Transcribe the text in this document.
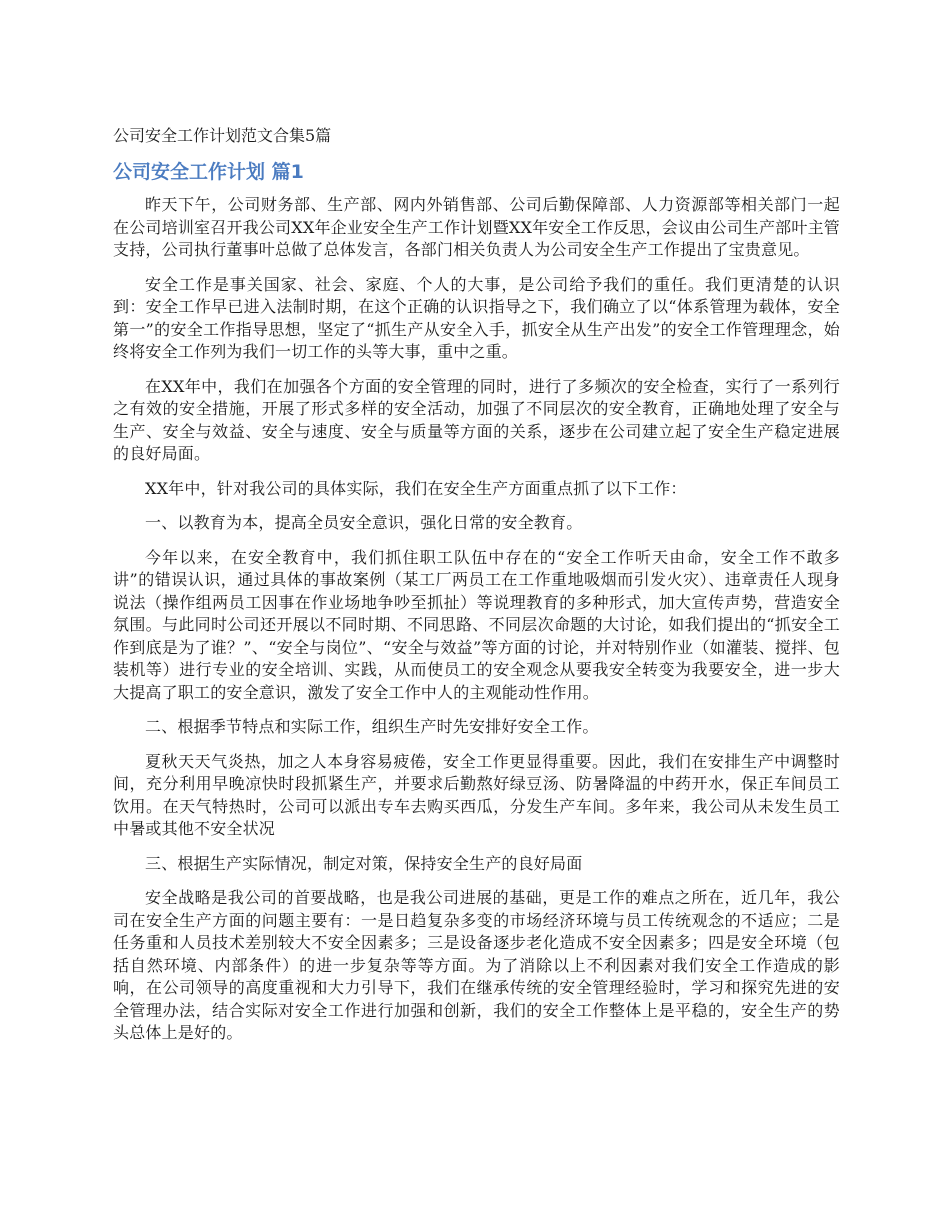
公司安全工作计划范文合集5篇
公司安全工作计划 篇1

昨天下午，公司财务部、生产部、网内外销售部、公司后勤保障部、人力资源部等相关部门一起在公司培训室召开我公司XX年企业安全生产工作计划暨XX年安全工作反思，会议由公司生产部叶主管支持，公司执行董事叶总做了总体发言，各部门相关负责人为公司安全生产工作提出了宝贵意见。

安全工作是事关国家、社会、家庭、个人的大事，是公司给予我们的重任。我们更清楚的认识到：安全工作早已进入法制时期，在这个正确的认识指导之下，我们确立了以“体系管理为载体，安全第一”的安全工作指导思想，坚定了“抓生产从安全入手，抓安全从生产出发”的安全工作管理理念，始终将安全工作列为我们一切工作的头等大事，重中之重。

在XX年中，我们在加强各个方面的安全管理的同时，进行了多频次的安全检查，实行了一系列行之有效的安全措施，开展了形式多样的安全活动，加强了不同层次的安全教育，正确地处理了安全与生产、安全与效益、安全与速度、安全与质量等方面的关系，逐步在公司建立起了安全生产稳定进展的良好局面。

XX年中，针对我公司的具体实际，我们在安全生产方面重点抓了以下工作：

一、以教育为本，提高全员安全意识，强化日常的安全教育。

今年以来，在安全教育中，我们抓住职工队伍中存在的“安全工作听天由命，安全工作不敢多讲”的错误认识，通过具体的事故案例（某工厂两员工在工作重地吸烟而引发火灾）、违章责任人现身说法（操作组两员工因事在作业场地争吵至抓扯）等说理教育的多种形式，加大宣传声势，营造安全氛围。与此同时公司还开展以不同时期、不同思路、不同层次命题的大讨论，如我们提出的“抓安全工作到底是为了谁？”、“安全与岗位”、“安全与效益”等方面的讨论，并对特别作业（如灌装、搅拌、包装机等）进行专业的安全培训、实践，从而使员工的安全观念从要我安全转变为我要安全，进一步大大提高了职工的安全意识，激发了安全工作中人的主观能动性作用。

二、根据季节特点和实际工作，组织生产时先安排好安全工作。

夏秋天天气炎热，加之人本身容易疲倦，安全工作更显得重要。因此，我们在安排生产中调整时间，充分利用早晚凉快时段抓紧生产，并要求后勤熬好绿豆汤、防暑降温的中药开水，保正车间员工饮用。在天气特热时，公司可以派出专车去购买西瓜，分发生产车间。多年来，我公司从未发生员工中暑或其他不安全状况

三、根据生产实际情况，制定对策，保持安全生产的良好局面

安全战略是我公司的首要战略，也是我公司进展的基础，更是工作的难点之所在，近几年，我公司在安全生产方面的问题主要有：一是日趋复杂多变的市场经济环境与员工传统观念的不适应；二是任务重和人员技术差别较大不安全因素多；三是设备逐步老化造成不安全因素多；四是安全环境（包括自然环境、内部条件）的进一步复杂等等方面。为了消除以上不利因素对我们安全工作造成的影响，在公司领导的高度重视和大力引导下，我们在继承传统的安全管理经验时，学习和探究先进的安全管理办法，结合实际对安全工作进行加强和创新，我们的安全工作整体上是平稳的，安全生产的势头总体上是好的。
